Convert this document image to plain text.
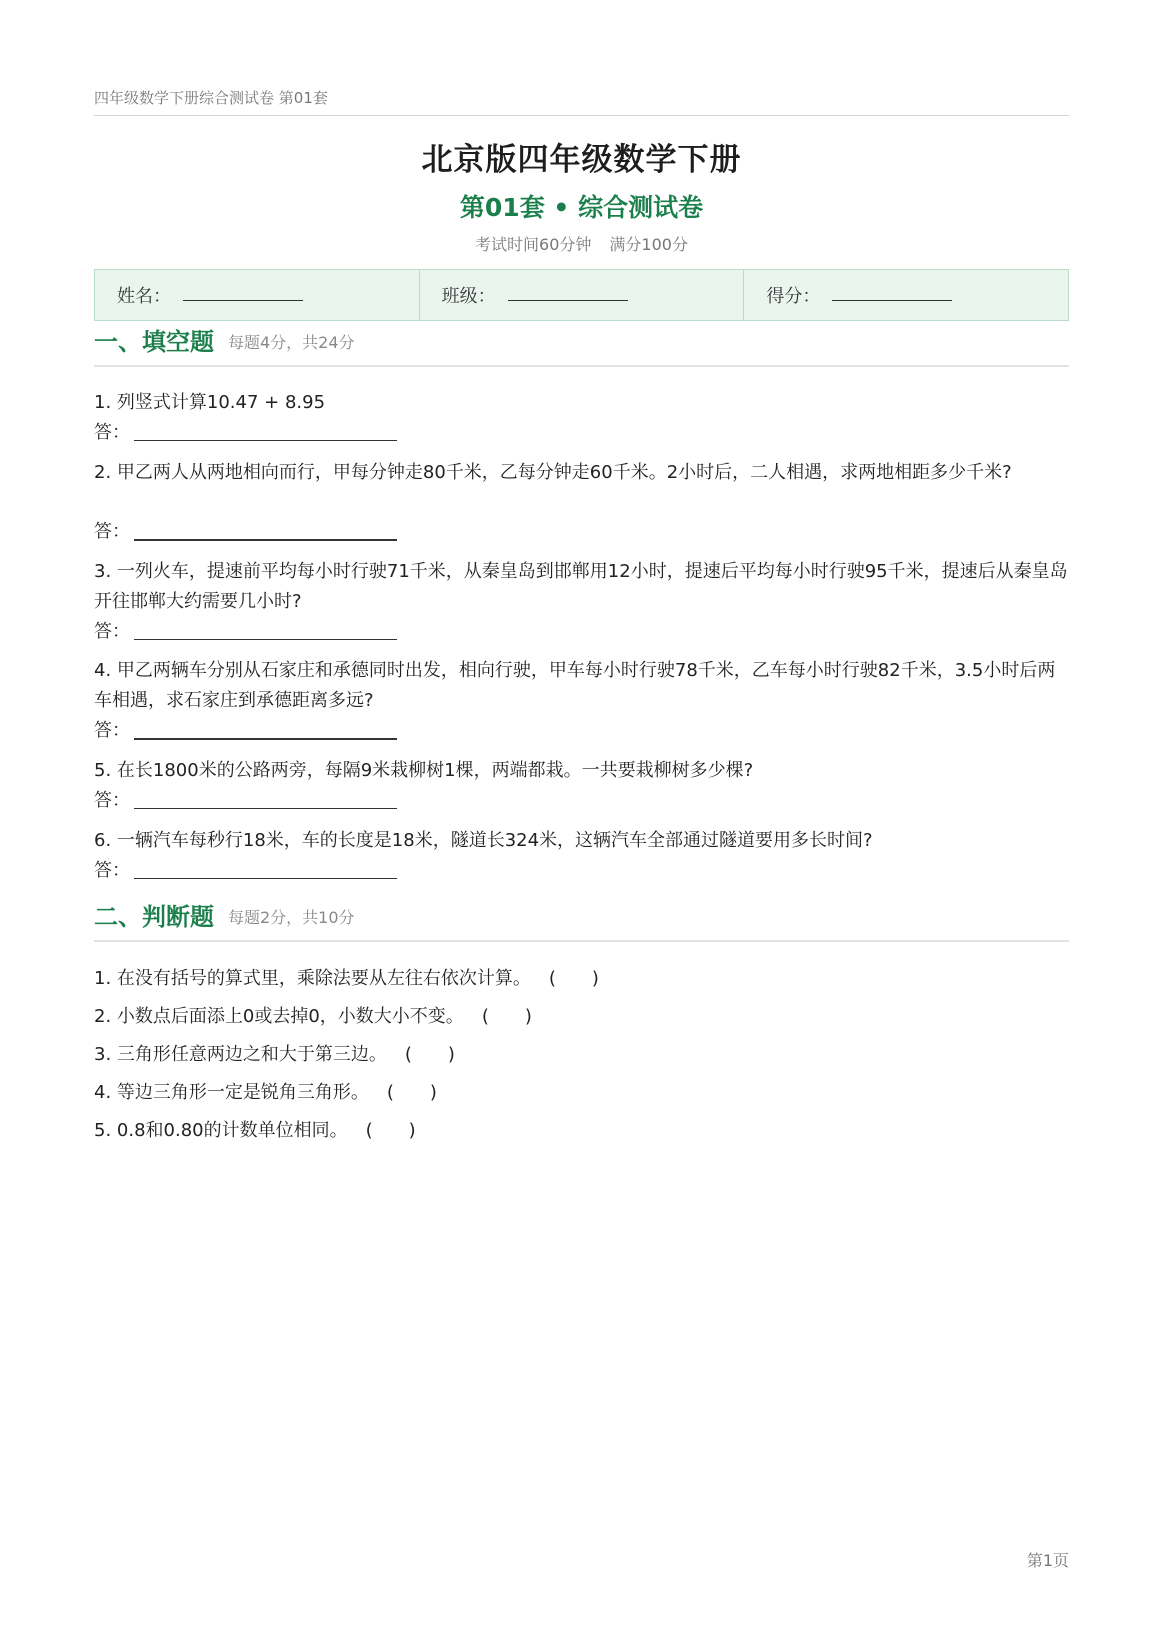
四年级数学下册综合测试卷 第01套
北京版四年级数学下册
第01套 • 综合测试卷
考试时间60分钟 满分100分
姓名：	班级：	得分：
一、填空题 每题4分，共24分
1. 列竖式计算10.47 + 8.95
答：
2. 甲乙两人从两地相向而行，甲每分钟走80千米，乙每分钟走60千米。2小时后，二人相遇，求两地相距多少千米?
答：
3. 一列火车，提速前平均每小时行驶71千米，从秦皇岛到邯郸用12小时，提速后平均每小时行驶95千米，提速后从秦皇岛开往邯郸大约需要几小时?
答：
4. 甲乙两辆车分别从石家庄和承德同时出发，相向行驶，甲车每小时行驶78千米，乙车每小时行驶82千米，3.5小时后两车相遇，求石家庄到承德距离多远?
答：
5. 在长1800米的公路两旁，每隔9米栽柳树1棵，两端都栽。一共要栽柳树多少棵?
答：
6. 一辆汽车每秒行18米，车的长度是18米，隧道长324米，这辆汽车全部通过隧道要用多长时间?
答：
二、判断题 每题2分，共10分
1. 在没有括号的算式里，乘除法要从左往右依次计算。 (　　)
2. 小数点后面添上0或去掉0，小数大小不变。 (　　)
3. 三角形任意两边之和大于第三边。 (　　)
4. 等边三角形一定是锐角三角形。 (　　)
5. 0.8和0.80的计数单位相同。 (　　)
第1页
